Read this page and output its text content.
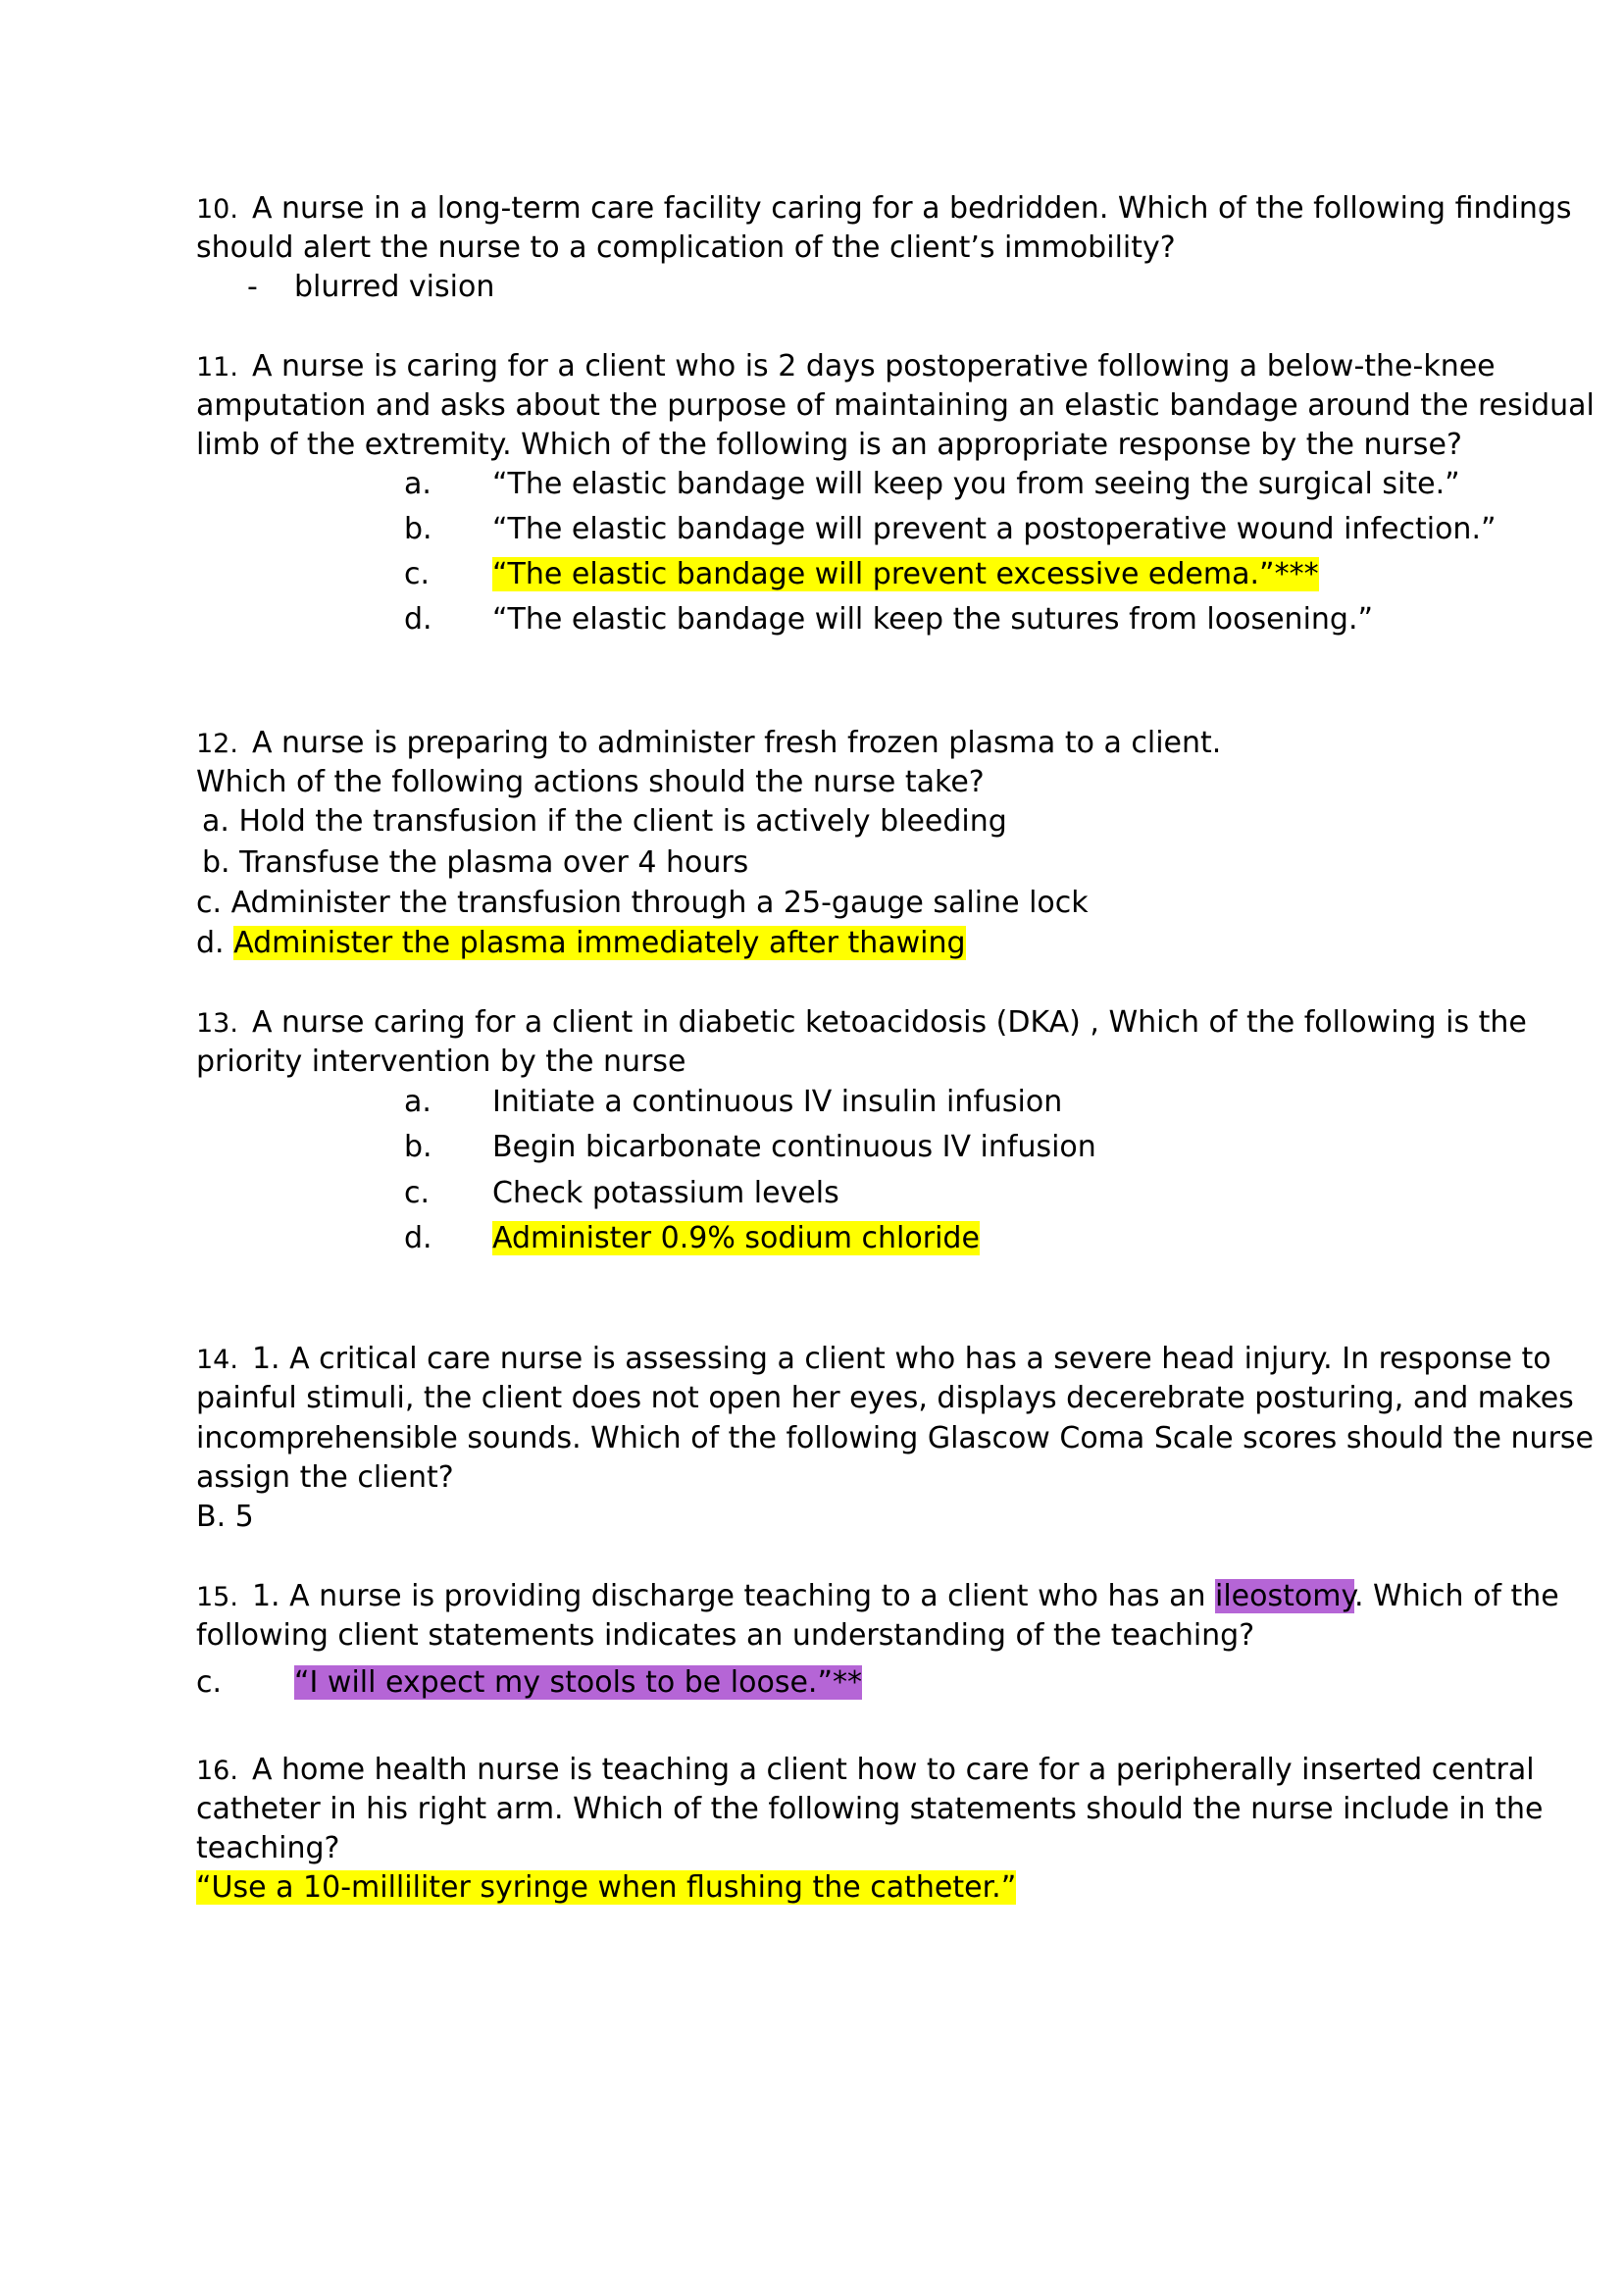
10. A nurse in a long-term care facility caring for a bedridden. Which of the following findings
should alert the nurse to a complication of the client’s immobility?
- blurred vision
11. A nurse is caring for a client who is 2 days postoperative following a below-the-knee
amputation and asks about the purpose of maintaining an elastic bandage around the residual
limb of the extremity. Which of the following is an appropriate response by the nurse?
a. “The elastic bandage will keep you from seeing the surgical site.”
b. “The elastic bandage will prevent a postoperative wound infection.”
c. “The elastic bandage will prevent excessive edema.”***
d. “The elastic bandage will keep the sutures from loosening.”
12. A nurse is preparing to administer fresh frozen plasma to a client.
Which of the following actions should the nurse take?
a. Hold the transfusion if the client is actively bleeding
b. Transfuse the plasma over 4 hours
c. Administer the transfusion through a 25-gauge saline lock
d. Administer the plasma immediately after thawing
13. A nurse caring for a client in diabetic ketoacidosis (DKA) , Which of the following is the
priority intervention by the nurse
a. Initiate a continuous IV insulin infusion
b. Begin bicarbonate continuous IV infusion
c. Check potassium levels
d. Administer 0.9% sodium chloride
14. 1. A critical care nurse is assessing a client who has a severe head injury. In response to
painful stimuli, the client does not open her eyes, displays decerebrate posturing, and makes
incomprehensible sounds. Which of the following Glascow Coma Scale scores should the nurse
assign the client?
B. 5
15. 1. A nurse is providing discharge teaching to a client who has an ileostomy. Which of the
following client statements indicates an understanding of the teaching?
c. “I will expect my stools to be loose.”**
16. A home health nurse is teaching a client how to care for a peripherally inserted central
catheter in his right arm. Which of the following statements should the nurse include in the
teaching?
“Use a 10-milliliter syringe when flushing the catheter.”
